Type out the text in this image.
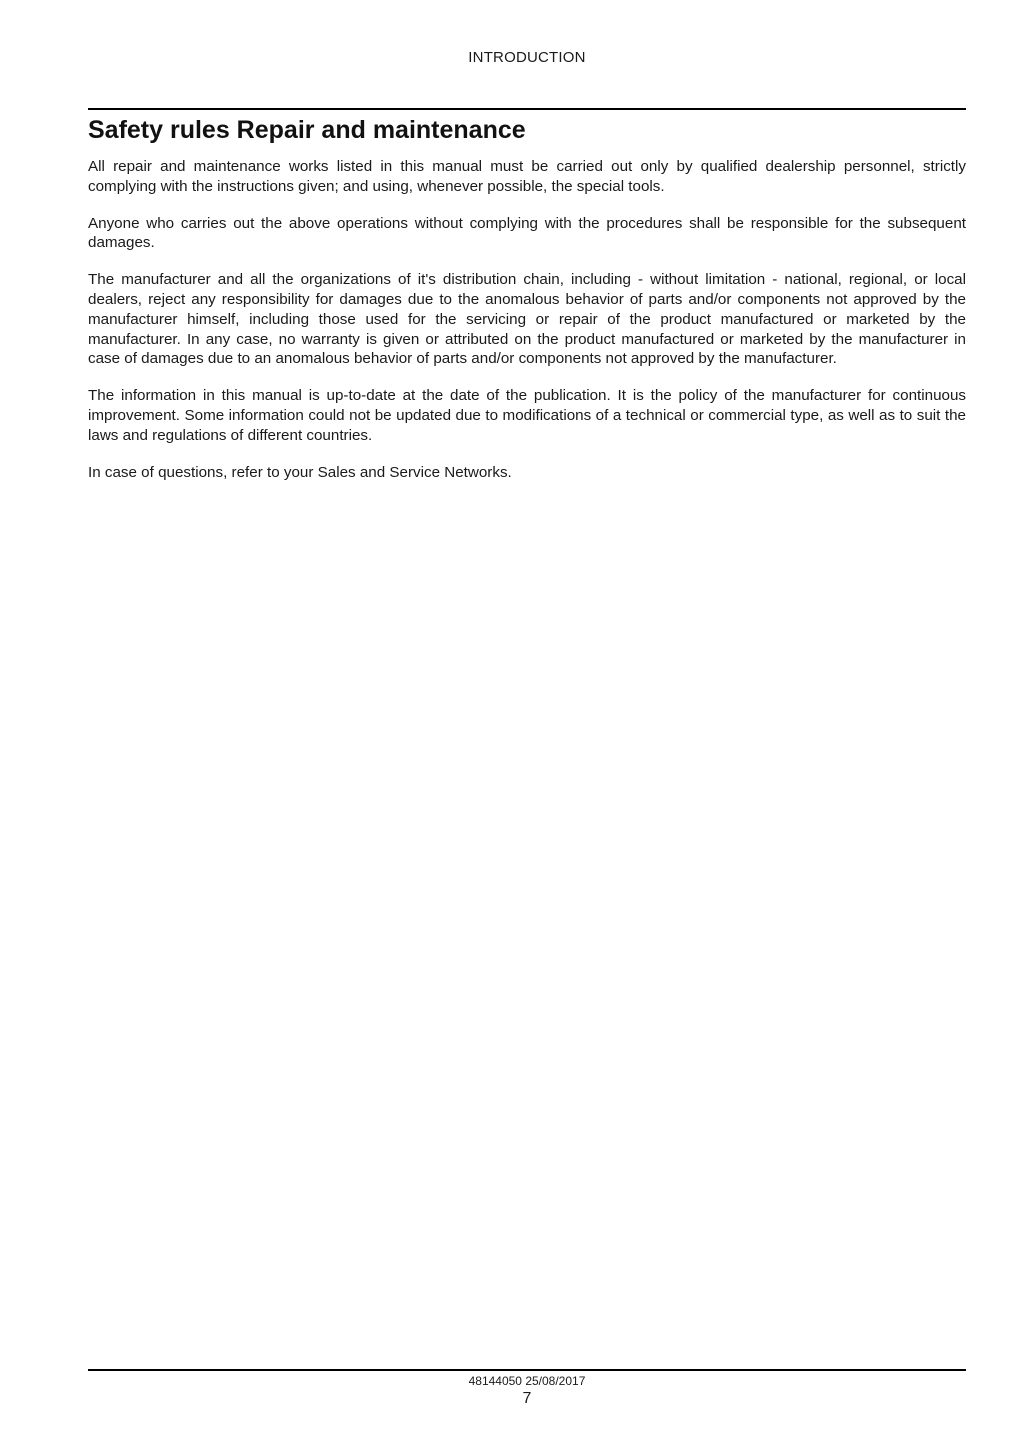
INTRODUCTION
Safety rules Repair and maintenance

All repair and maintenance works listed in this manual must be carried out only by qualified dealership personnel, strictly complying with the instructions given; and using, whenever possible, the special tools.

Anyone who carries out the above operations without complying with the procedures shall be responsible for the subsequent damages.

The manufacturer and all the organizations of it's distribution chain, including - without limitation - national, regional, or local dealers, reject any responsibility for damages due to the anomalous behavior of parts and/or components not approved by the manufacturer himself, including those used for the servicing or repair of the product manufactured or marketed by the manufacturer. In any case, no warranty is given or attributed on the product manufactured or marketed by the manufacturer in case of damages due to an anomalous behavior of parts and/or components not approved by the manufacturer.

The information in this manual is up-to-date at the date of the publication. It is the policy of the manufacturer for continuous improvement. Some information could not be updated due to modifications of a technical or commercial type, as well as to suit the laws and regulations of different countries.

In case of questions, refer to your Sales and Service Networks.

48144050 25/08/2017
7
